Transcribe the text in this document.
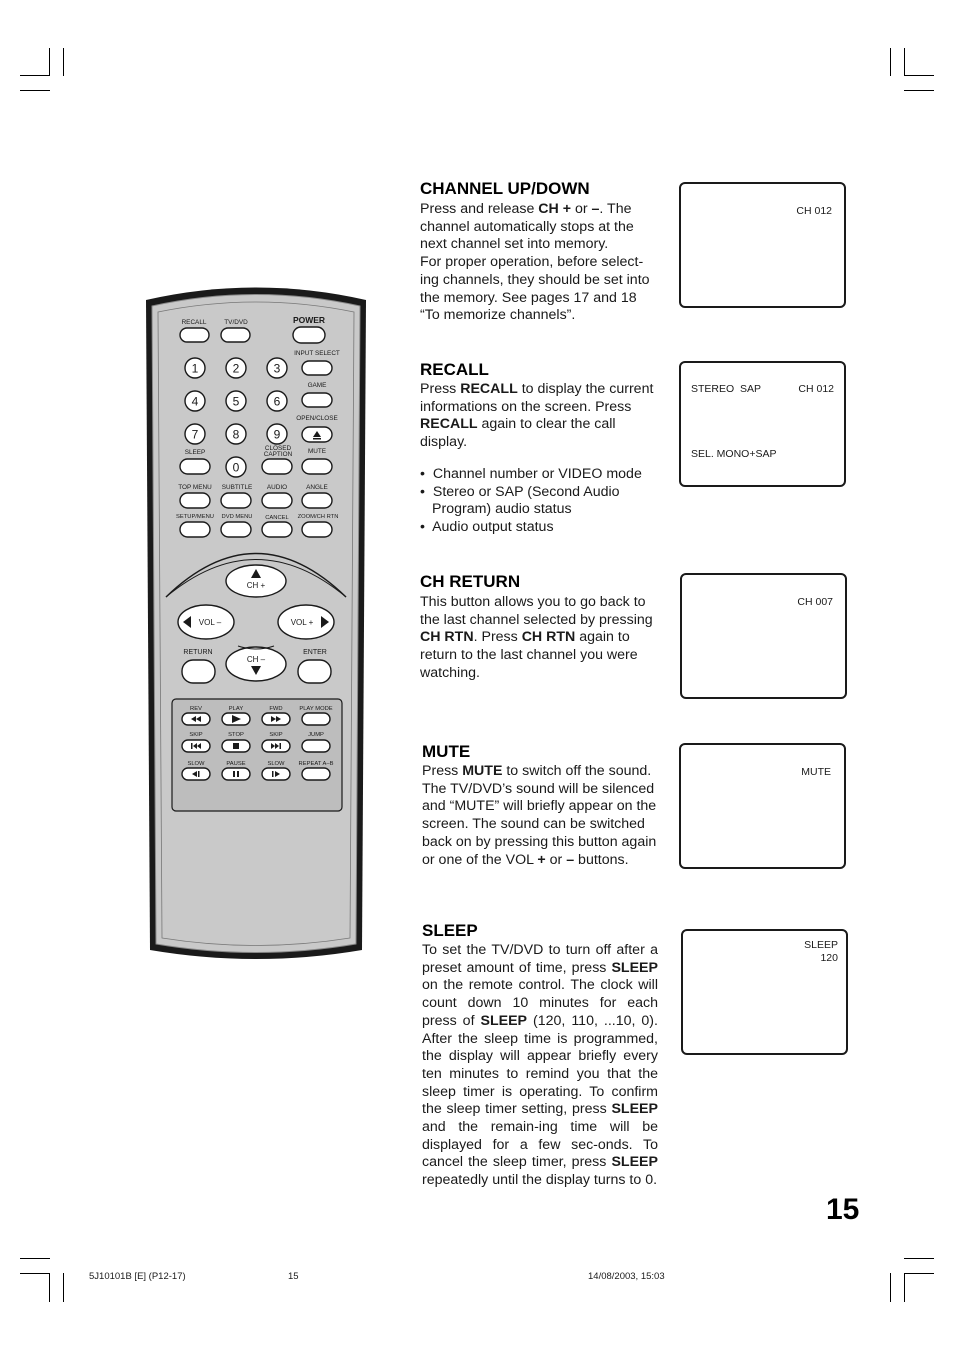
RECALL	TV/DVD	POWER
1	2	3
INPUT SELECT
4	5	6
GAME
7	8	9
OPEN/CLOSE
SLEEP
0
CLOSED
CAPTION MUTE
TOP MENU SUBTITLE AUDIO	ANGLE
SETUP/MENU DVD MENU CANCEL ZOOM/CH RTN
CH +
VOL –	VOL +
CH –
RETURN	ENTER
REV	PLAY	FWD	PLAY MODE
SKIP	STOP	SKIP	JUMP
SLOW	PAUSE	SLOW REPEAT A–B
CHANNEL UP/DOWN
Press and release CH + or –. The channel automatically stops at the next channel set into memory.
For proper operation, before select-ing channels, they should be set into the memory. See pages 17 and 18 “To memorize channels”.
CH 012
RECALL
Press RECALL to display the current informations on the screen. Press RECALL again to clear the call display.
•  Channel number or VIDEO mode
•  Stereo or SAP (Second Audio Program) audio status
•  Audio output status
STEREO  SAP	CH 012
SEL. MONO+SAP
CH RETURN
This button allows you to go back to the last channel selected by pressing CH RTN. Press CH RTN again to return to the last channel you were watching.
CH 007
MUTE
Press MUTE to switch off the sound. The TV/DVD’s sound will be silenced and “MUTE” will briefly appear on the screen. The sound can be switched back on by pressing this button again or one of the VOL + or – buttons.
MUTE
SLEEP
To set the TV/DVD to turn off after a preset amount of time, press SLEEP on the remote control. The clock will count down 10 minutes for each press of SLEEP (120, 110, ...10, 0). After the sleep time is programmed, the display will appear briefly every ten minutes to remind you that the sleep timer is operating. To confirm the sleep timer setting, press SLEEP and the remain-ing time will be displayed for a few sec-onds. To cancel the sleep timer, press SLEEP repeatedly until the display turns to 0.
SLEEP
120
15
5J10101B [E] (P12-17)	15	14/08/2003, 15:03
